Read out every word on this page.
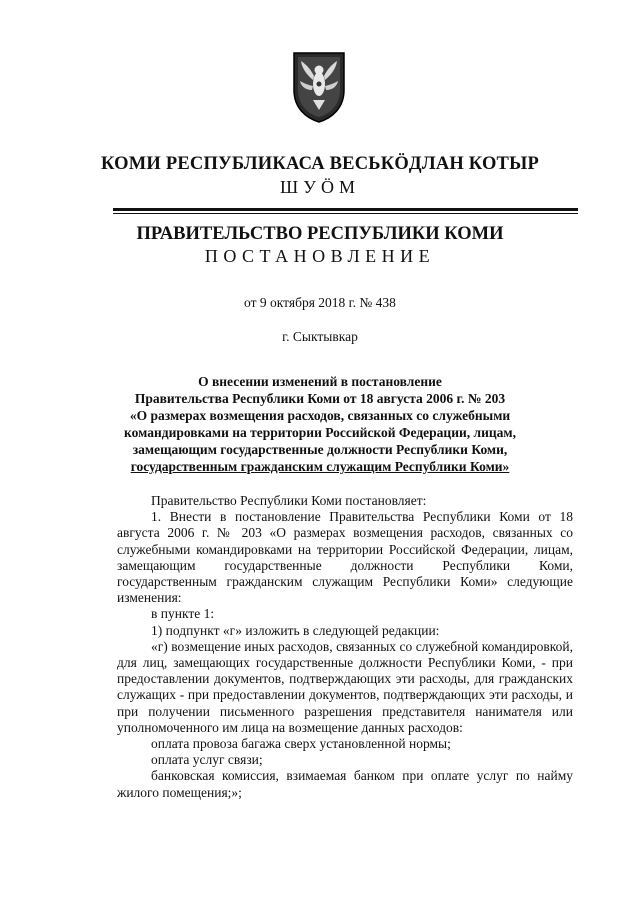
КОМИ РЕСПУБЛИКАСА ВЕСЬКӦДЛАН КОТЫР
ШУӦМ
ПРАВИТЕЛЬСТВО РЕСПУБЛИКИ КОМИ
ПОСТАНОВЛЕНИЕ
от 9 октября 2018 г. № 438
г. Сыктывкар
О внесении изменений в постановление
Правительства Республики Коми от 18 августа 2006 г. № 203
«О размерах возмещения расходов, связанных со служебными
командировками на территории Российской Федерации, лицам,
замещающим государственные должности Республики Коми,
государственным гражданским служащим Республики Коми»

Правительство Республики Коми постановляет:

1. Внести в постановление Правительства Республики Коми от 18 августа 2006 г. № 203 «О размерах возмещения расходов, связанных со служебными командировками на территории Российской Федерации, лицам, замещающим государственные должности Республики Коми, государственным гражданским служащим Республики Коми» следующие изменения:

в пункте 1:

1) подпункт «г» изложить в следующей редакции:

«г) возмещение иных расходов, связанных со служебной командировкой, для лиц, замещающих государственные должности Республики Коми, - при предоставлении документов, подтверждающих эти расходы, для гражданских служащих - при предоставлении документов, подтверждающих эти расходы, и при получении письменного разрешения представителя нанимателя или уполномоченного им лица на возмещение данных расходов:

оплата провоза багажа сверх установленной нормы;

оплата услуг связи;

банковская комиссия, взимаемая банком при оплате услуг по найму жилого помещения;»;
